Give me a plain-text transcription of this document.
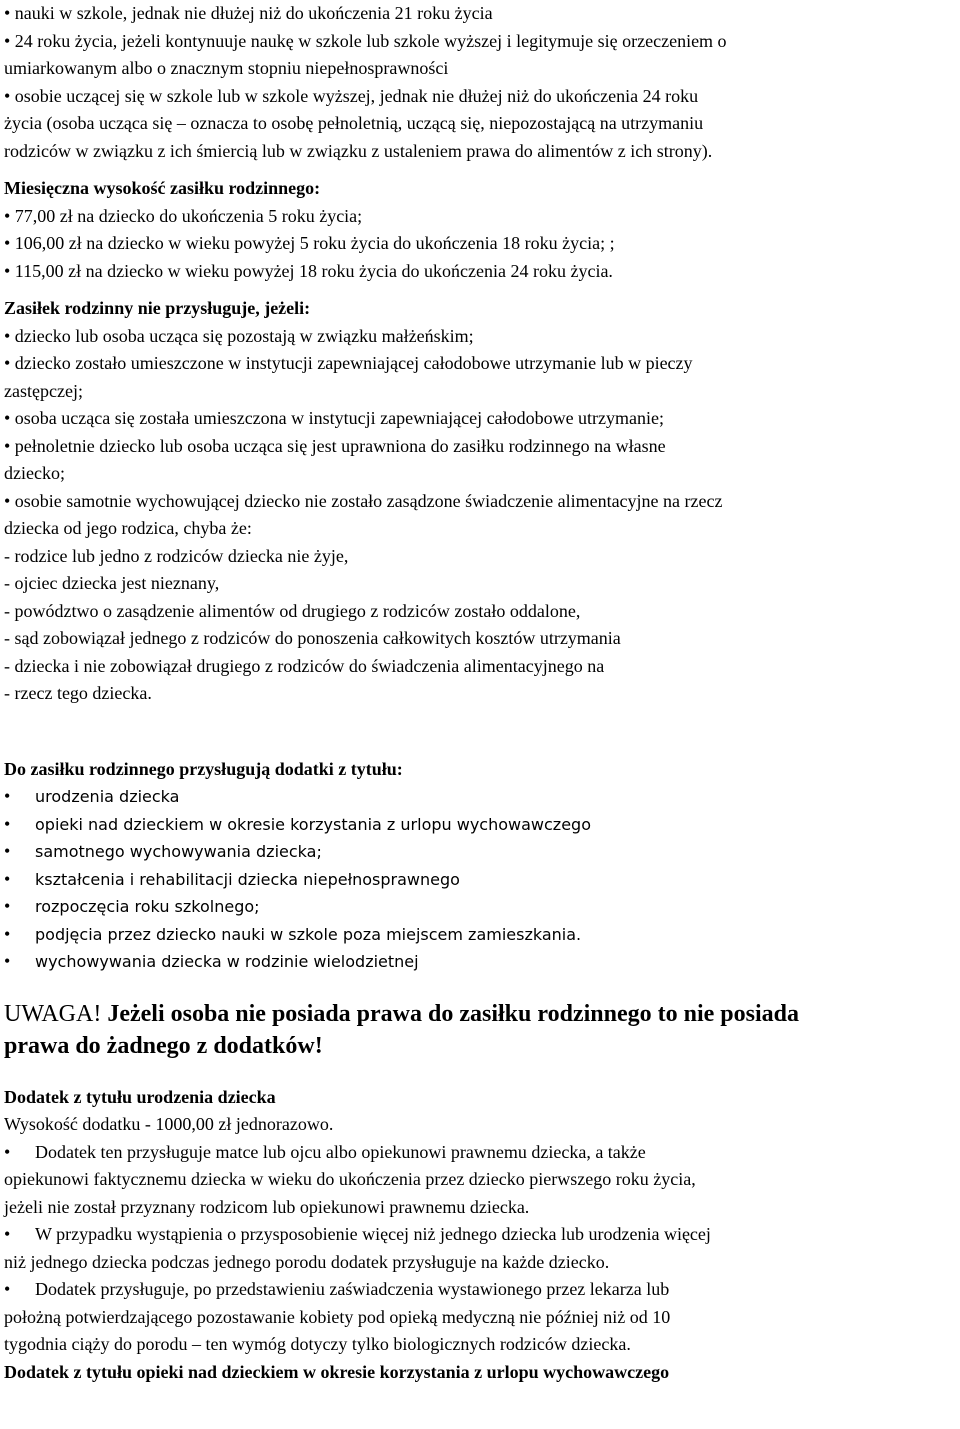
• nauki w szkole, jednak nie dłużej niż do ukończenia 21 roku życia
• 24 roku życia, jeżeli kontynuuje naukę w szkole lub szkole wyższej i legitymuje się orzeczeniem o
umiarkowanym albo o znacznym stopniu niepełnosprawności
• osobie uczącej się w szkole lub w szkole wyższej, jednak nie dłużej niż do ukończenia 24 roku
życia (osoba ucząca się – oznacza to osobę pełnoletnią, uczącą się, niepozostającą na utrzymaniu
rodziców w związku z ich śmiercią lub w związku z ustaleniem prawa do alimentów z ich strony).
Miesięczna wysokość zasiłku rodzinnego:
• 77,00 zł na dziecko do ukończenia 5 roku życia;
• 106,00 zł na dziecko w wieku powyżej 5 roku życia do ukończenia 18 roku życia; ;
• 115,00 zł na dziecko w wieku powyżej 18 roku życia do ukończenia 24 roku życia.
Zasiłek rodzinny nie przysługuje, jeżeli:
• dziecko lub osoba ucząca się pozostają w związku małżeńskim;
• dziecko zostało umieszczone w instytucji zapewniającej całodobowe utrzymanie lub w pieczy
zastępczej;
• osoba ucząca się została umieszczona w instytucji zapewniającej całodobowe utrzymanie;
• pełnoletnie dziecko lub osoba ucząca się jest uprawniona do zasiłku rodzinnego na własne
dziecko;
• osobie samotnie wychowującej dziecko nie zostało zasądzone świadczenie alimentacyjne na rzecz
dziecka od jego rodzica, chyba że:
- rodzice lub jedno z rodziców dziecka nie żyje,
- ojciec dziecka jest nieznany,
- powództwo o zasądzenie alimentów od drugiego z rodziców zostało oddalone,
- sąd zobowiązał jednego z rodziców do ponoszenia całkowitych kosztów utrzymania
- dziecka i nie zobowiązał drugiego z rodziców do świadczenia alimentacyjnego na
- rzecz tego dziecka.
Do zasiłku rodzinnego przysługują dodatki z tytułu:
• urodzenia dziecka
• opieki nad dzieckiem w okresie korzystania z urlopu wychowawczego
• samotnego wychowywania dziecka;
• kształcenia i rehabilitacji dziecka niepełnosprawnego
• rozpoczęcia roku szkolnego;
• podjęcia przez dziecko nauki w szkole poza miejscem zamieszkania.
• wychowywania dziecka w rodzinie wielodzietnej
UWAGA! Jeżeli osoba nie posiada prawa do zasiłku rodzinnego to nie posiada
prawa do żadnego z dodatków!
Dodatek z tytułu urodzenia dziecka
Wysokość dodatku - 1000,00 zł jednorazowo.
• Dodatek ten przysługuje matce lub ojcu albo opiekunowi prawnemu dziecka, a także
opiekunowi faktycznemu dziecka w wieku do ukończenia przez dziecko pierwszego roku życia,
jeżeli nie został przyznany rodzicom lub opiekunowi prawnemu dziecka.
• W przypadku wystąpienia o przysposobienie więcej niż jednego dziecka lub urodzenia więcej
niż jednego dziecka podczas jednego porodu dodatek przysługuje na każde dziecko.
• Dodatek przysługuje, po przedstawieniu zaświadczenia wystawionego przez lekarza lub
położną potwierdzającego pozostawanie kobiety pod opieką medyczną nie później niż od 10
tygodnia ciąży do porodu – ten wymóg dotyczy tylko biologicznych rodziców dziecka.
Dodatek z tytułu opieki nad dzieckiem w okresie korzystania z urlopu wychowawczego
